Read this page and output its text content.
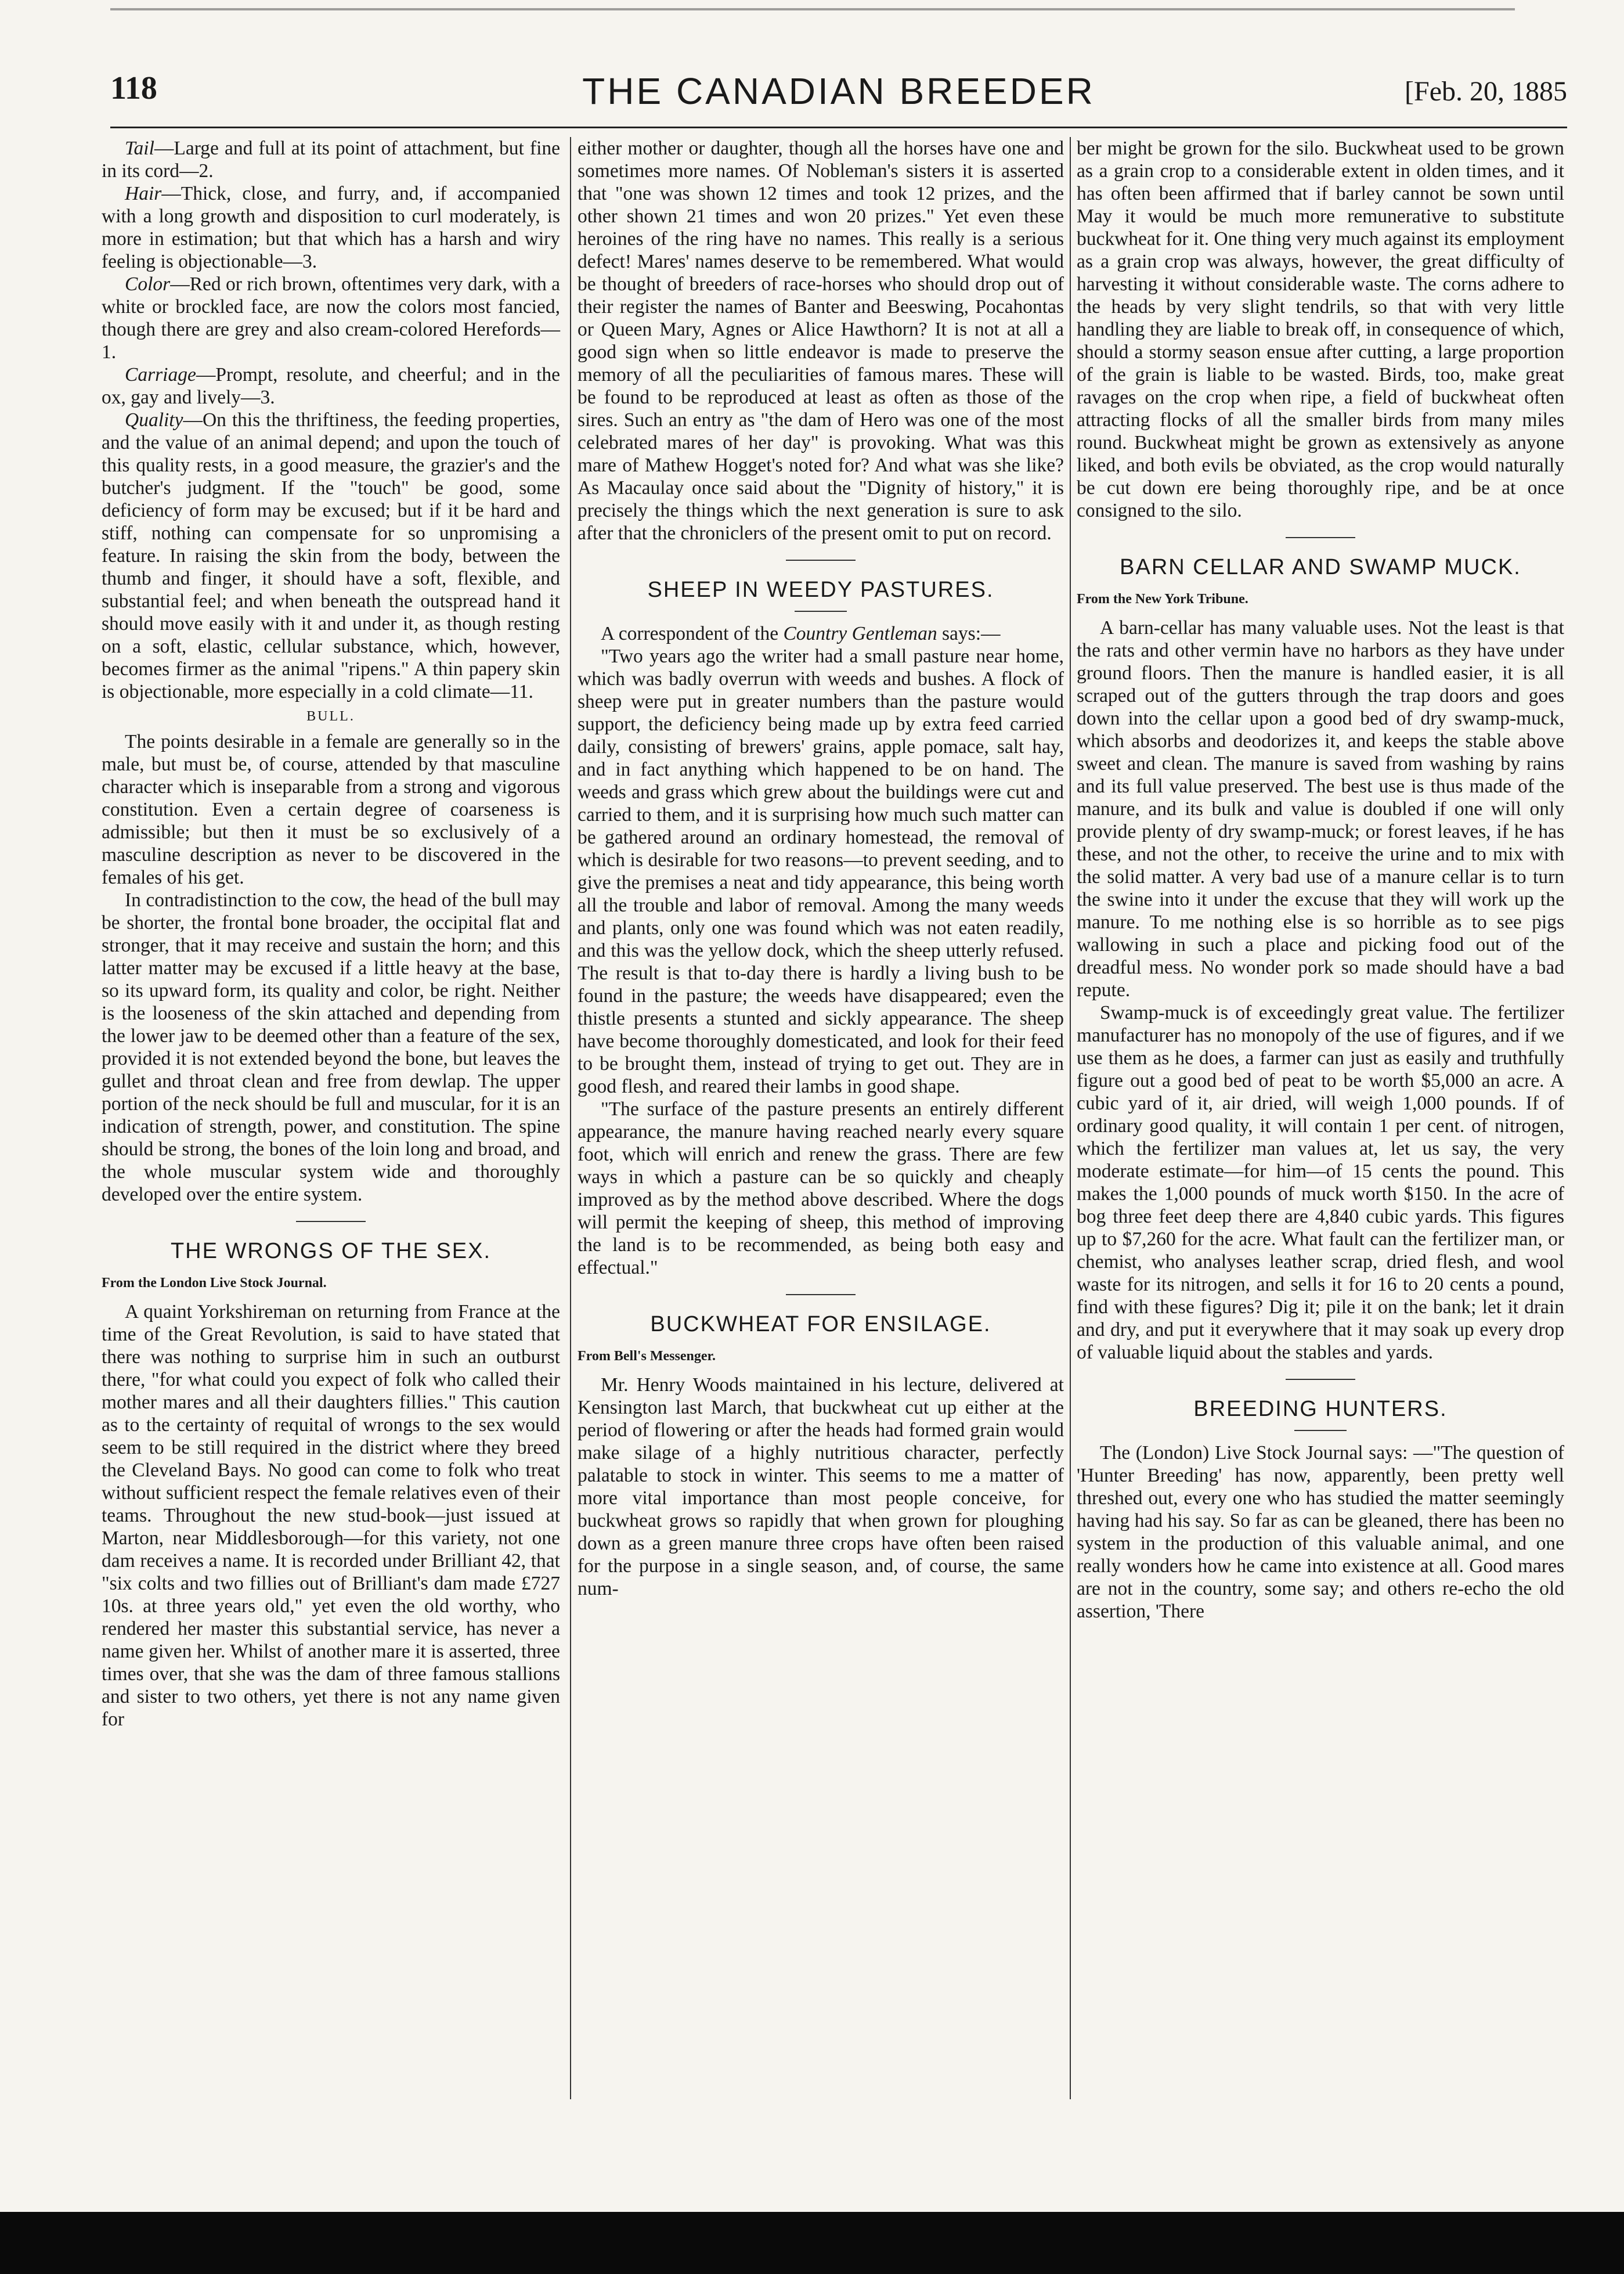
118	THE CANADIAN BREEDER	[Feb. 20, 1885

Tail—Large and full at its point of attachment, but fine in its cord—2.

Hair—Thick, close, and furry, and, if accompanied with a long growth and disposition to curl moderately, is more in estimation; but that which has a harsh and wiry feeling is objectionable—3.

Color—Red or rich brown, oftentimes very dark, with a white or brockled face, are now the colors most fancied, though there are grey and also cream-colored Herefords—1.

Carriage—Prompt, resolute, and cheerful; and in the ox, gay and lively—3.

Quality—On this the thriftiness, the feeding properties, and the value of an animal depend; and upon the touch of this quality rests, in a good measure, the grazier's and the butcher's judgment. If the "touch" be good, some deficiency of form may be excused; but if it be hard and stiff, nothing can compensate for so unpromising a feature. In raising the skin from the body, between the thumb and finger, it should have a soft, flexible, and substantial feel; and when beneath the outspread hand it should move easily with it and under it, as though resting on a soft, elastic, cellular substance, which, however, becomes firmer as the animal "ripens." A thin papery skin is objectionable, more especially in a cold climate—11.

BULL.

The points desirable in a female are generally so in the male, but must be, of course, attended by that masculine character which is inseparable from a strong and vigorous constitution. Even a certain degree of coarseness is admissible; but then it must be so exclusively of a masculine description as never to be discovered in the females of his get.

In contradistinction to the cow, the head of the bull may be shorter, the frontal bone broader, the occipital flat and stronger, that it may receive and sustain the horn; and this latter matter may be excused if a little heavy at the base, so its upward form, its quality and color, be right. Neither is the looseness of the skin attached and depending from the lower jaw to be deemed other than a feature of the sex, provided it is not extended beyond the bone, but leaves the gullet and throat clean and free from dewlap. The upper portion of the neck should be full and muscular, for it is an indication of strength, power, and constitution. The spine should be strong, the bones of the loin long and broad, and the whole muscular system wide and thoroughly developed over the entire system.

THE WRONGS OF THE SEX.
From the London Live Stock Journal.

A quaint Yorkshireman on returning from France at the time of the Great Revolution, is said to have stated that there was nothing to surprise him in such an outburst there, "for what could you expect of folk who called their mother mares and all their daughters fillies." This caution as to the certainty of requital of wrongs to the sex would seem to be still required in the district where they breed the Cleveland Bays. No good can come to folk who treat without sufficient respect the female relatives even of their teams. Throughout the new stud-book—just issued at Marton, near Middlesborough—for this variety, not one dam receives a name. It is recorded under Brilliant 42, that "six colts and two fillies out of Brilliant's dam made £727 10s. at three years old," yet even the old worthy, who rendered her master this substantial service, has never a name given her. Whilst of another mare it is asserted, three times over, that she was the dam of three famous stallions and sister to two others, yet there is not any name given for

either mother or daughter, though all the horses have one and sometimes more names. Of Nobleman's sisters it is asserted that "one was shown 12 times and took 12 prizes, and the other shown 21 times and won 20 prizes." Yet even these heroines of the ring have no names. This really is a serious defect! Mares' names deserve to be remembered. What would be thought of breeders of race-horses who should drop out of their register the names of Banter and Beeswing, Pocahontas or Queen Mary, Agnes or Alice Hawthorn? It is not at all a good sign when so little endeavor is made to preserve the memory of all the peculiarities of famous mares. These will be found to be reproduced at least as often as those of the sires. Such an entry as "the dam of Hero was one of the most celebrated mares of her day" is provoking. What was this mare of Mathew Hogget's noted for? And what was she like? As Macaulay once said about the "Dignity of history," it is precisely the things which the next generation is sure to ask after that the chroniclers of the present omit to put on record.

SHEEP IN WEEDY PASTURES.

A correspondent of the Country Gentleman says:—

"Two years ago the writer had a small pasture near home, which was badly overrun with weeds and bushes. A flock of sheep were put in greater numbers than the pasture would support, the deficiency being made up by extra feed carried daily, consisting of brewers' grains, apple pomace, salt hay, and in fact anything which happened to be on hand. The weeds and grass which grew about the buildings were cut and carried to them, and it is surprising how much such matter can be gathered around an ordinary homestead, the removal of which is desirable for two reasons—to prevent seeding, and to give the premises a neat and tidy appearance, this being worth all the trouble and labor of removal. Among the many weeds and plants, only one was found which was not eaten readily, and this was the yellow dock, which the sheep utterly refused. The result is that to-day there is hardly a living bush to be found in the pasture; the weeds have disappeared; even the thistle presents a stunted and sickly appearance. The sheep have become thoroughly domesticated, and look for their feed to be brought them, instead of trying to get out. They are in good flesh, and reared their lambs in good shape.

"The surface of the pasture presents an entirely different appearance, the manure having reached nearly every square foot, which will enrich and renew the grass. There are few ways in which a pasture can be so quickly and cheaply improved as by the method above described. Where the dogs will permit the keeping of sheep, this method of improving the land is to be recommended, as being both easy and effectual."

BUCKWHEAT FOR ENSILAGE.
From Bell's Messenger.

Mr. Henry Woods maintained in his lecture, delivered at Kensington last March, that buckwheat cut up either at the period of flowering or after the heads had formed grain would make silage of a highly nutritious character, perfectly palatable to stock in winter. This seems to me a matter of more vital importance than most people conceive, for buckwheat grows so rapidly that when grown for ploughing down as a green manure three crops have often been raised for the purpose in a single season, and, of course, the same num-

ber might be grown for the silo. Buckwheat used to be grown as a grain crop to a considerable extent in olden times, and it has often been affirmed that if barley cannot be sown until May it would be much more remunerative to substitute buckwheat for it. One thing very much against its employment as a grain crop was always, however, the great difficulty of harvesting it without considerable waste. The corns adhere to the heads by very slight tendrils, so that with very little handling they are liable to break off, in consequence of which, should a stormy season ensue after cutting, a large proportion of the grain is liable to be wasted. Birds, too, make great ravages on the crop when ripe, a field of buckwheat often attracting flocks of all the smaller birds from many miles round. Buckwheat might be grown as extensively as anyone liked, and both evils be obviated, as the crop would naturally be cut down ere being thoroughly ripe, and be at once consigned to the silo.

BARN CELLAR AND SWAMP MUCK.
From the New York Tribune.

A barn-cellar has many valuable uses. Not the least is that the rats and other vermin have no harbors as they have under ground floors. Then the manure is handled easier, it is all scraped out of the gutters through the trap doors and goes down into the cellar upon a good bed of dry swamp-muck, which absorbs and deodorizes it, and keeps the stable above sweet and clean. The manure is saved from washing by rains and its full value preserved. The best use is thus made of the manure, and its bulk and value is doubled if one will only provide plenty of dry swamp-muck; or forest leaves, if he has these, and not the other, to receive the urine and to mix with the solid matter. A very bad use of a manure cellar is to turn the swine into it under the excuse that they will work up the manure. To me nothing else is so horrible as to see pigs wallowing in such a place and picking food out of the dreadful mess. No wonder pork so made should have a bad repute.

Swamp-muck is of exceedingly great value. The fertilizer manufacturer has no monopoly of the use of figures, and if we use them as he does, a farmer can just as easily and truthfully figure out a good bed of peat to be worth $5,000 an acre. A cubic yard of it, air dried, will weigh 1,000 pounds. If of ordinary good quality, it will contain 1 per cent. of nitrogen, which the fertilizer man values at, let us say, the very moderate estimate—for him—of 15 cents the pound. This makes the 1,000 pounds of muck worth $150. In the acre of bog three feet deep there are 4,840 cubic yards. This figures up to $7,260 for the acre. What fault can the fertilizer man, or chemist, who analyses leather scrap, dried flesh, and wool waste for its nitrogen, and sells it for 16 to 20 cents a pound, find with these figures? Dig it; pile it on the bank; let it drain and dry, and put it everywhere that it may soak up every drop of valuable liquid about the stables and yards.

BREEDING HUNTERS.

The (London) Live Stock Journal says: —"The question of 'Hunter Breeding' has now, apparently, been pretty well threshed out, every one who has studied the matter seemingly having had his say. So far as can be gleaned, there has been no system in the production of this valuable animal, and one really wonders how he came into existence at all. Good mares are not in the country, some say; and others re-echo the old assertion, 'There
